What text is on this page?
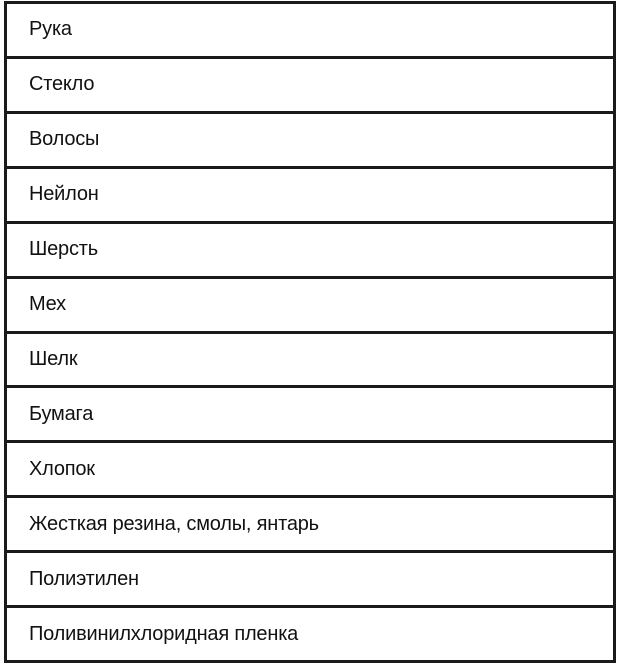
Рука
Стекло
Волосы
Нейлон
Шерсть
Мех
Шелк
Бумага
Хлопок
Жесткая резина, смолы, янтарь
Полиэтилен
Поливинилхлоридная пленка
